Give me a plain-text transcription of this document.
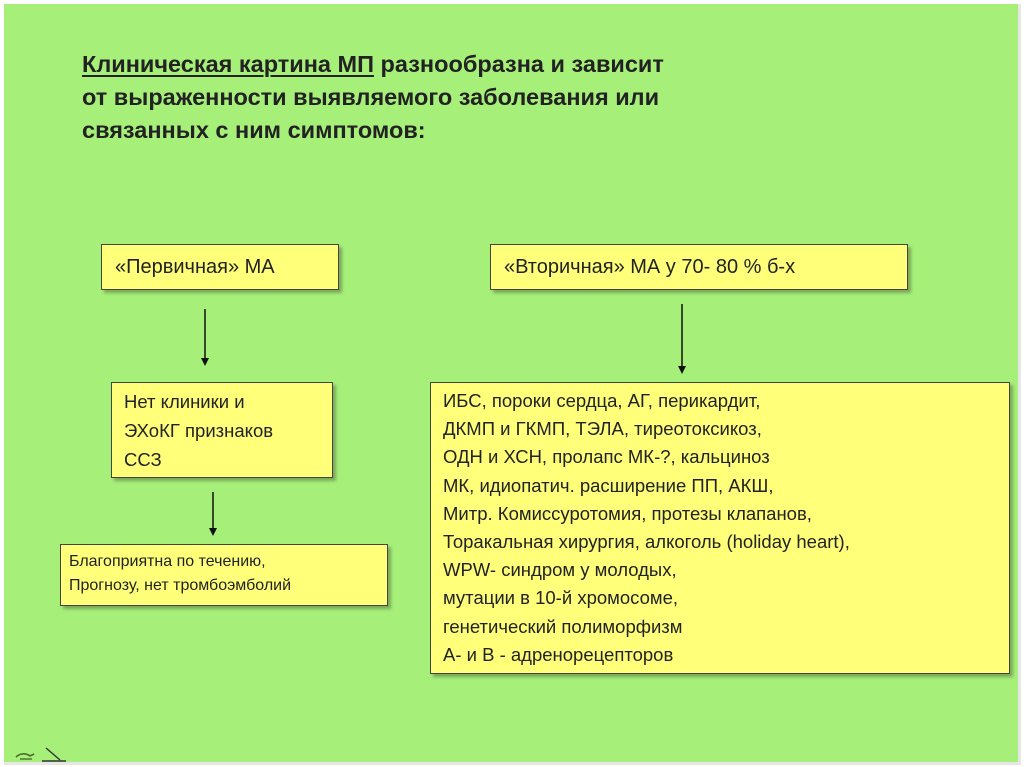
Клиническая картина МП разнообразна и зависит
от выраженности выявляемого заболевания или
связанных с ним симптомов:
«Первичная» МА	«Вторичная» МА у 70- 80 % б-х
Нет клиники и
ЭХоКГ признаков
ССЗ
Благоприятна по течению,
Прогнозу, нет тромбоэмболий
ИБС, пороки сердца, АГ, перикардит,
ДКМП и ГКМП, ТЭЛА, тиреотоксикоз,
ОДН и ХСН, пролапс МК-?, кальциноз
МК, идиопатич. расширение ПП, АКШ,
Митр. Комиссуротомия, протезы клапанов,
Торакальная хирургия, алкоголь (holiday heart),
WPW- синдром у молодых,
мутации в 10-й хромосоме,
генетический полиморфизм
А- и В - адренорецепторов
